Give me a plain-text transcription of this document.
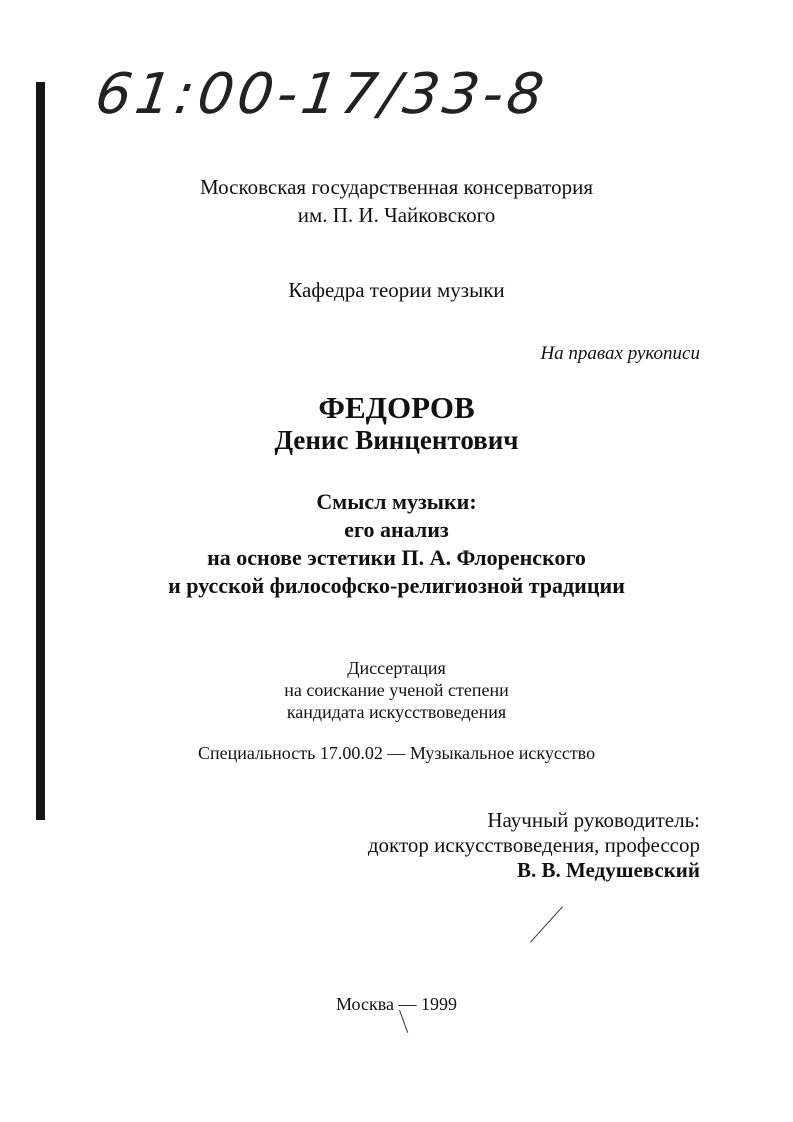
61:00-17/33-8
Московская государственная консерватория
им. П. И. Чайковского
Кафедра теории музыки
На правах рукописи
ФЕДОРОВ
Денис Винцентович
Смысл музыки:
его анализ
на основе эстетики П. А. Флоренского
и русской философско-религиозной традиции
Диссертация
на соискание ученой степени
кандидата искусствоведения
Специальность 17.00.02 — Музыкальное искусство
Научный руководитель:
доктор искусствоведения, профессор
В. В. Медушевский
Москва — 1999
